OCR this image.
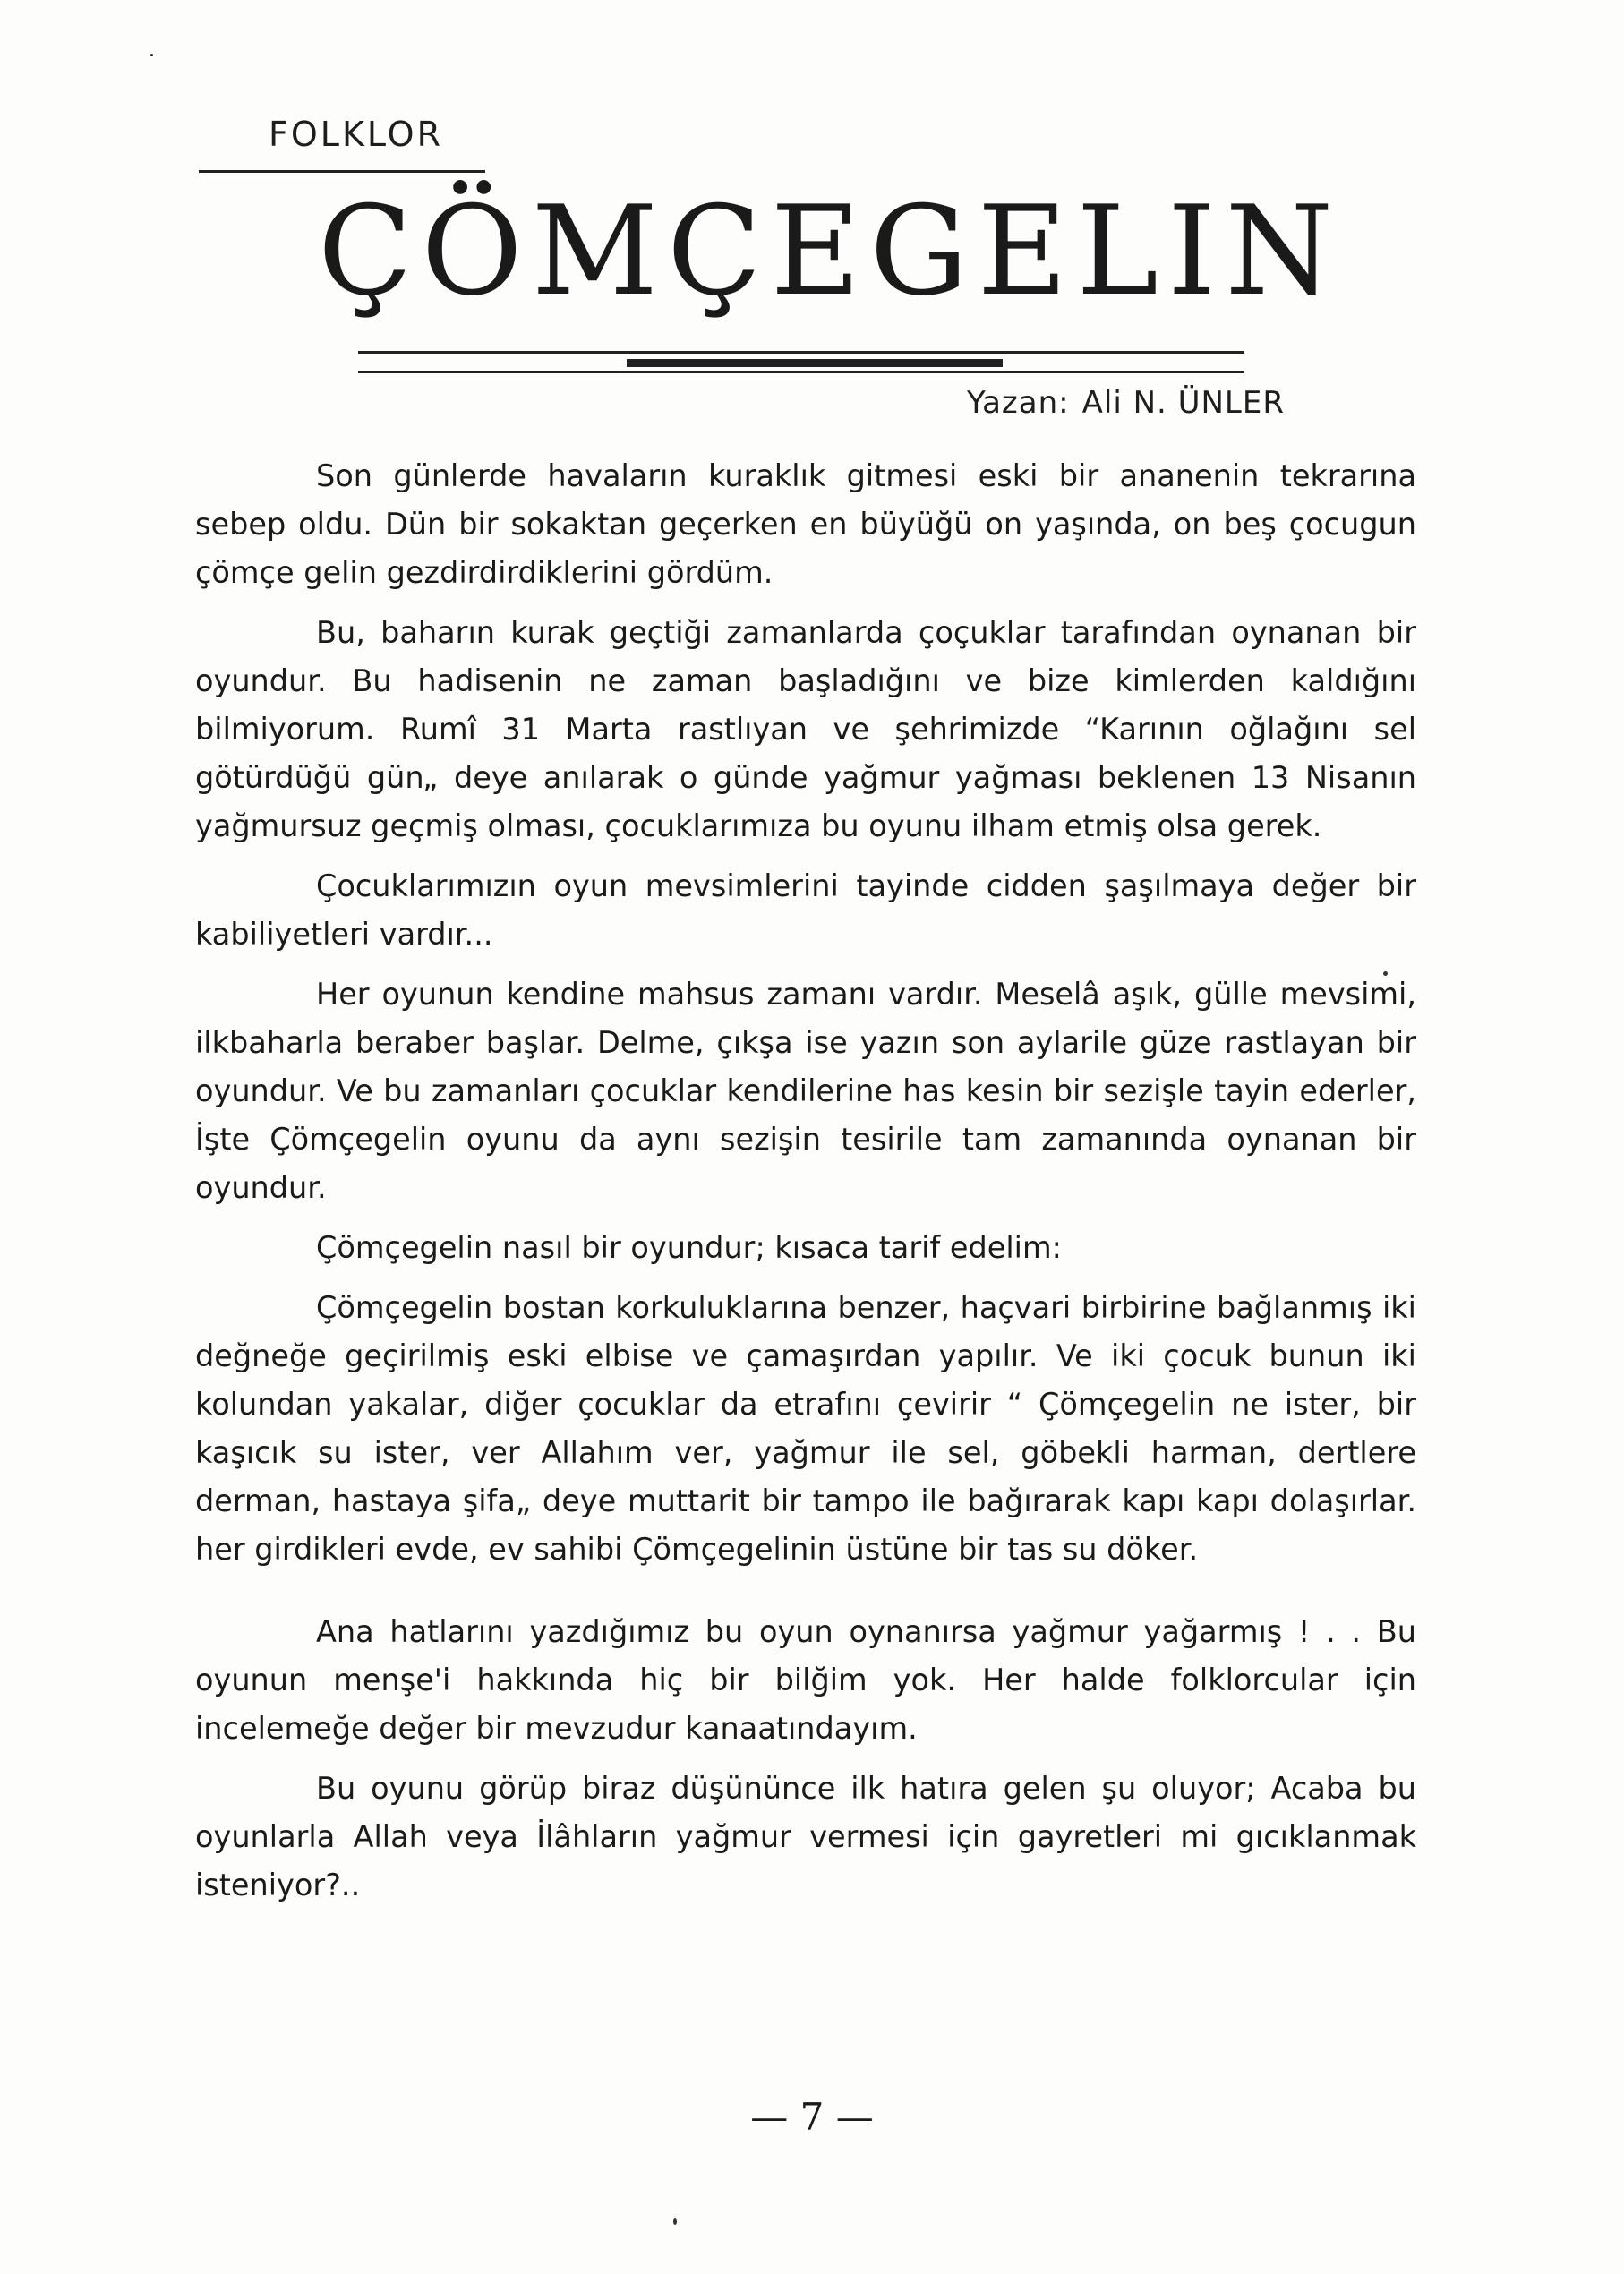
FOLKLOR
ÇÖMÇEGELIN
Yazan: Ali N. ÜNLER

Son günlerde havaların kuraklık gitmesi eski bir ananenin tekrarına sebep oldu. Dün bir sokaktan geçerken en büyüğü on yaşında, on beş çocugun çömçe gelin gezdirdirdiklerini gördüm.

Bu, baharın kurak geçtiği zamanlarda çoçuklar tarafından oynanan bir oyundur. Bu hadisenin ne zaman başladığını ve bize kimlerden kaldığını bilmiyorum. Rumî 31 Marta rastlıyan ve şehrimizde “Karının oğlağını sel götürdüğü gün„ deye anılarak o günde yağmur yağması beklenen 13 Nisanın yağmursuz geçmiş olması, çocuklarımıza bu oyunu ilham etmiş olsa gerek.

Çocuklarımızın oyun mevsimlerini tayinde cidden şaşılmaya değer bir kabiliyetleri vardır...

Her oyunun kendine mahsus zamanı vardır. Meselâ aşık, gülle mevsimi, ilkbaharla beraber başlar. Delme, çıkşa ise yazın son aylarile güze rastlayan bir oyundur. Ve bu zamanları çocuklar kendilerine has kesin bir sezişle tayin ederler, İşte Çömçegelin oyunu da aynı sezişin tesirile tam zamanında oynanan bir oyundur.

Çömçegelin nasıl bir oyundur; kısaca tarif edelim:

Çömçegelin bostan korkuluklarına benzer, haçvari birbirine bağlanmış iki değneğe geçirilmiş eski elbise ve çamaşırdan yapılır. Ve iki çocuk bunun iki kolundan yakalar, diğer çocuklar da etrafını çevirir “ Çömçegelin ne ister, bir kaşıcık su ister, ver Allahım ver, yağmur ile sel, göbekli harman, dertlere derman, hastaya şifa„ deye muttarit bir tampo ile bağırarak kapı kapı dolaşırlar. her girdikleri evde, ev sahibi Çömçegelinin üstüne bir tas su döker.

Ana hatlarını yazdığımız bu oyun oynanırsa yağmur yağarmış ! . . Bu oyunun menşe'i hakkında hiç bir bilğim yok. Her halde folklorcular için incelemeğe değer bir mevzudur kanaatındayım.

Bu oyunu görüp biraz düşününce ilk hatıra gelen şu oluyor; Acaba bu oyunlarla Allah veya İlâhların yağmur vermesi için gayretleri mi gıcıklanmak isteniyor?..

— 7 —
